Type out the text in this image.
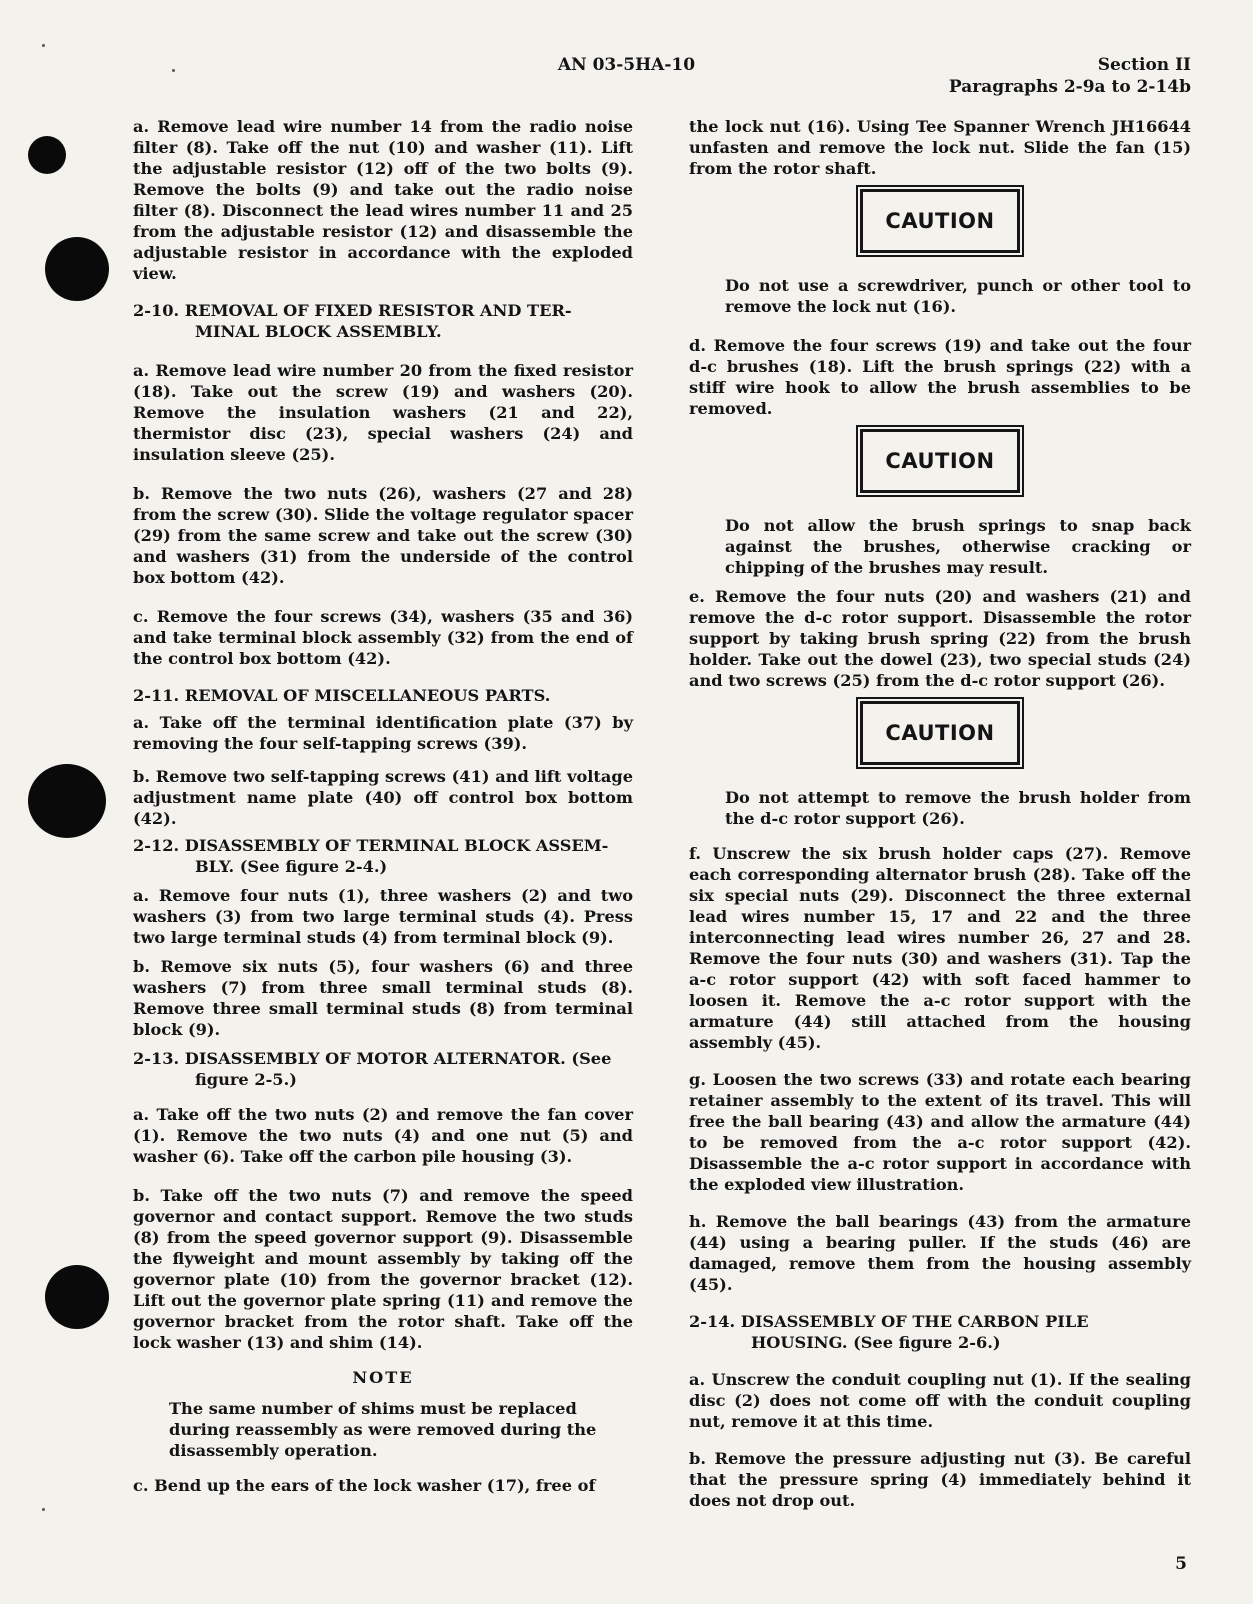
AN 03-5HA-10	Section II
Paragraphs 2-9a to 2-14b

a. Remove lead wire number 14 from the radio noise filter (8). Take off the nut (10) and washer (11). Lift the adjustable resistor (12) off of the two bolts (9). Remove the bolts (9) and take out the radio noise filter (8). Disconnect the lead wires number 11 and 25 from the adjustable resistor (12) and disassemble the adjustable resistor in accordance with the exploded view.

2-10. REMOVAL OF FIXED RESISTOR AND TER-
MINAL BLOCK ASSEMBLY.

a. Remove lead wire number 20 from the fixed resistor (18). Take out the screw (19) and washers (20). Remove the insulation washers (21 and 22), thermistor disc (23), special washers (24) and insulation sleeve (25).

b. Remove the two nuts (26), washers (27 and 28) from the screw (30). Slide the voltage regulator spacer (29) from the same screw and take out the screw (30) and washers (31) from the underside of the control box bottom (42).

c. Remove the four screws (34), washers (35 and 36) and take terminal block assembly (32) from the end of the control box bottom (42).

2-11. REMOVAL OF MISCELLANEOUS PARTS.

a. Take off the terminal identification plate (37) by removing the four self-tapping screws (39).

b. Remove two self-tapping screws (41) and lift voltage adjustment name plate (40) off control box bottom (42).

2-12. DISASSEMBLY OF TERMINAL BLOCK ASSEM-
BLY. (See figure 2-4.)

a. Remove four nuts (1), three washers (2) and two washers (3) from two large terminal studs (4). Press two large terminal studs (4) from terminal block (9).

b. Remove six nuts (5), four washers (6) and three washers (7) from three small terminal studs (8). Remove three small terminal studs (8) from terminal block (9).

2-13. DISASSEMBLY OF MOTOR ALTERNATOR. (See
figure 2-5.)

a. Take off the two nuts (2) and remove the fan cover (1). Remove the two nuts (4) and one nut (5) and washer (6). Take off the carbon pile housing (3).

b. Take off the two nuts (7) and remove the speed governor and contact support. Remove the two studs (8) from the speed governor support (9). Disassemble the flyweight and mount assembly by taking off the governor plate (10) from the governor bracket (12). Lift out the governor plate spring (11) and remove the governor bracket from the rotor shaft. Take off the lock washer (13) and shim (14).

NOTE

The same number of shims must be replaced during reassembly as were removed during the disassembly operation.

c. Bend up the ears of the lock washer (17), free of

the lock nut (16). Using Tee Spanner Wrench JH16644 unfasten and remove the lock nut. Slide the fan (15) from the rotor shaft.

CAUTION

Do not use a screwdriver, punch or other tool to remove the lock nut (16).

d. Remove the four screws (19) and take out the four d-c brushes (18). Lift the brush springs (22) with a stiff wire hook to allow the brush assemblies to be removed.

CAUTION

Do not allow the brush springs to snap back against the brushes, otherwise cracking or chipping of the brushes may result.

e. Remove the four nuts (20) and washers (21) and remove the d-c rotor support. Disassemble the rotor support by taking brush spring (22) from the brush holder. Take out the dowel (23), two special studs (24) and two screws (25) from the d-c rotor support (26).

CAUTION

Do not attempt to remove the brush holder from the d-c rotor support (26).

f. Unscrew the six brush holder caps (27). Remove each corresponding alternator brush (28). Take off the six special nuts (29). Disconnect the three external lead wires number 15, 17 and 22 and the three interconnecting lead wires number 26, 27 and 28. Remove the four nuts (30) and washers (31). Tap the a-c rotor support (42) with soft faced hammer to loosen it. Remove the a-c rotor support with the armature (44) still attached from the housing assembly (45).

g. Loosen the two screws (33) and rotate each bearing retainer assembly to the extent of its travel. This will free the ball bearing (43) and allow the armature (44) to be removed from the a-c rotor support (42). Disassemble the a-c rotor support in accordance with the exploded view illustration.

h. Remove the ball bearings (43) from the armature (44) using a bearing puller. If the studs (46) are damaged, remove them from the housing assembly (45).

2-14. DISASSEMBLY OF THE CARBON PILE
HOUSING. (See figure 2-6.)

a. Unscrew the conduit coupling nut (1). If the sealing disc (2) does not come off with the conduit coupling nut, remove it at this time.

b. Remove the pressure adjusting nut (3). Be careful that the pressure spring (4) immediately behind it does not drop out.

5
